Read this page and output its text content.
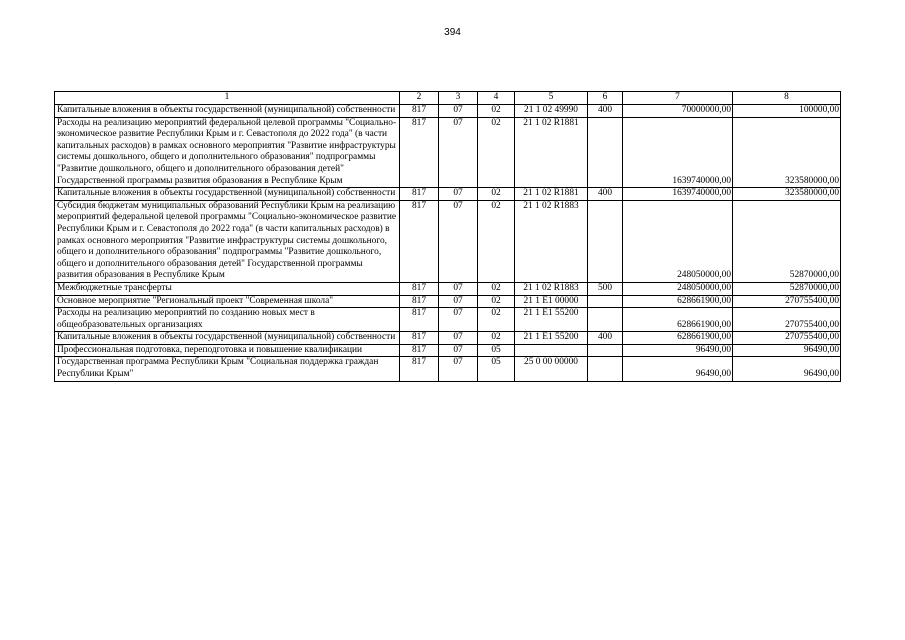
394
1	2	3	4	5	6	7	8
Капитальные вложения в объекты государственной (муниципальной) собственности	817	07	02	21 1 02 49990	400	70000000,00	100000,00
Расходы на реализацию мероприятий федеральной целевой программы "Социально-экономическое развитие Республики Крым и г. Севастополя до 2022 года" (в части капитальных расходов) в рамках основного мероприятия "Развитие инфраструктуры системы дошкольного, общего и дополнительного образования" подпрограммы "Развитие дошкольного, общего и дополнительного образования детей" Государственной программы развития образования в Республике Крым	817	07	02	21 1 02 R1881		1639740000,00	323580000,00
Капитальные вложения в объекты государственной (муниципальной) собственности	817	07	02	21 1 02 R1881	400	1639740000,00	323580000,00
Субсидия бюджетам муниципальных образований Республики Крым на реализацию мероприятий федеральной целевой программы "Социально-экономическое развитие Республики Крым и г. Севастополя до 2022 года" (в части капитальных расходов) в рамках основного мероприятия "Развитие инфраструктуры системы дошкольного, общего и дополнительного образования" подпрограммы "Развитие дошкольного, общего и дополнительного образования детей" Государственной программы развития образования в Республике Крым	817	07	02	21 1 02 R1883		248050000,00	52870000,00
Межбюджетные трансферты	817	07	02	21 1 02 R1883	500	248050000,00	52870000,00
Основное мероприятие "Региональный проект "Современная школа"	817	07	02	21 1 E1 00000		628661900,00	270755400,00
Расходы на реализацию мероприятий по созданию новых мест в общеобразовательных организациях	817	07	02	21 1 E1 55200		628661900,00	270755400,00
Капитальные вложения в объекты государственной (муниципальной) собственности	817	07	02	21 1 E1 55200	400	628661900,00	270755400,00
Профессиональная подготовка, переподготовка и повышение квалификации	817	07	05			96490,00	96490,00
Государственная программа Республики Крым "Социальная поддержка граждан Республики Крым"	817	07	05	25 0 00 00000		96490,00	96490,00
